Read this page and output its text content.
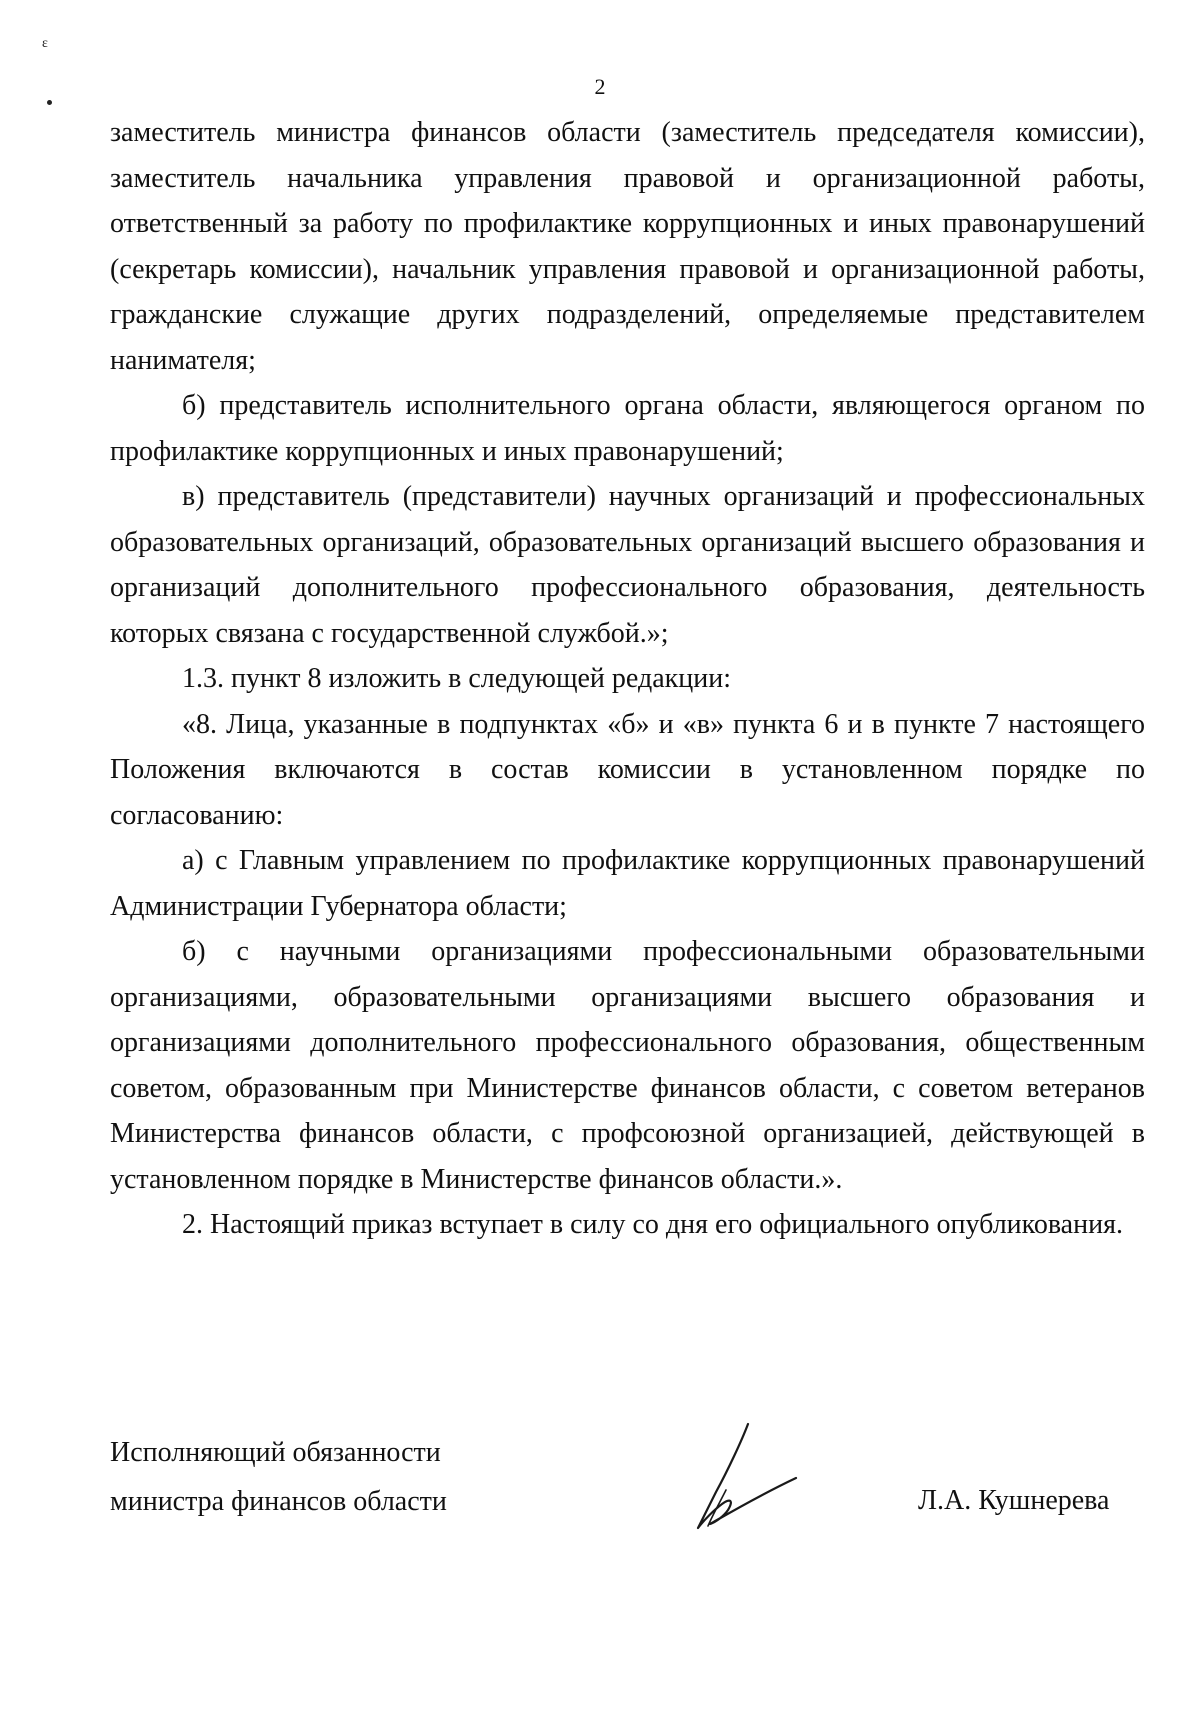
ε
2

заместитель министра финансов области (заместитель председателя комиссии), заместитель начальника управления правовой и организационной работы, ответственный за работу по профилактике коррупционных и иных правонарушений (секретарь комиссии), начальник управления правовой и организационной работы, гражданские служащие других подразделений, определяемые представителем нанимателя;

б) представитель исполнительного органа области, являющегося органом по профилактике коррупционных и иных правонарушений;

в) представитель (представители) научных организаций и профессиональных образовательных организаций, образовательных организаций высшего образования и организаций дополнительного профессионального образования, деятельность которых связана с государственной службой.»;

1.3. пункт 8 изложить в следующей редакции:

«8. Лица, указанные в подпунктах «б» и «в» пункта 6 и в пункте 7 настоящего Положения включаются в состав комиссии в установленном порядке по согласованию:

а) с Главным управлением по профилактике коррупционных правонарушений Администрации Губернатора области;

б) с научными организациями профессиональными образовательными организациями, образовательными организациями высшего образования и организациями дополнительного профессионального образования, общественным советом, образованным при Министерстве финансов области, с советом ветеранов Министерства финансов области, с профсоюзной организацией, действующей в установленном порядке в Министерстве финансов области.».

2. Настоящий приказ вступает в силу со дня его официального опубликования.

Исполняющий обязанности
министра финансов области	Л.А. Кушнерева
